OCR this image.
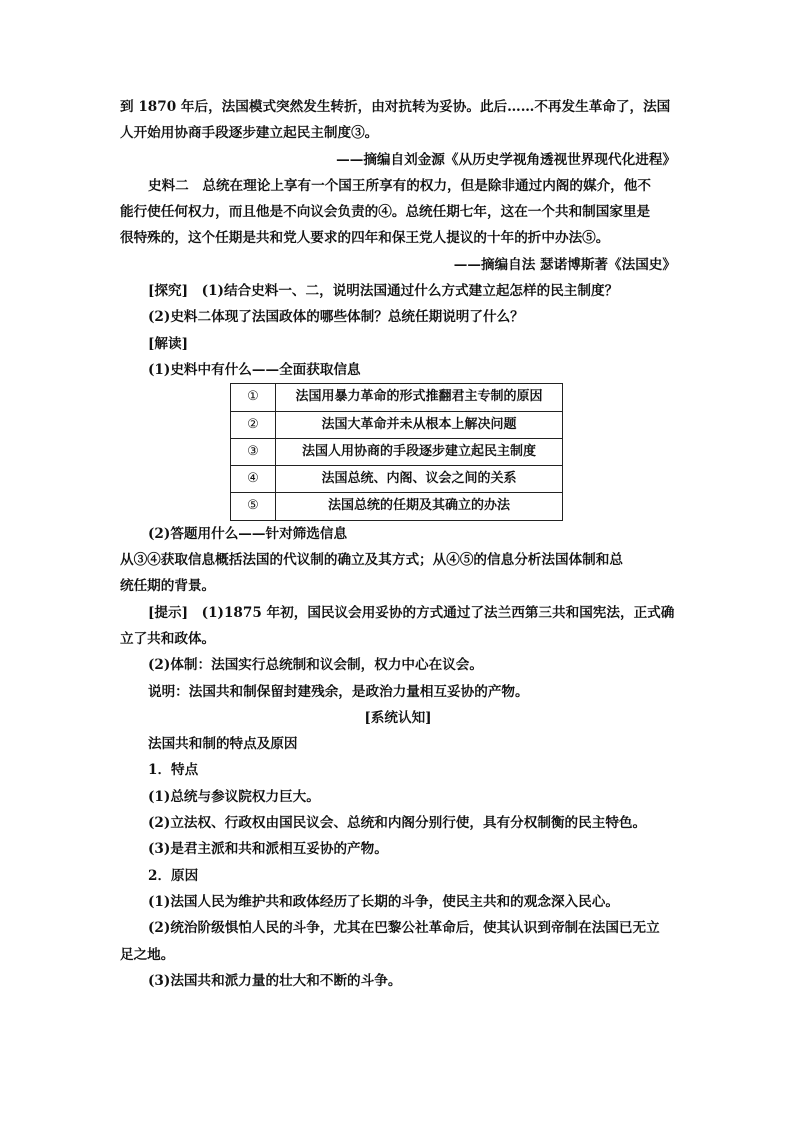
到 1870 年后，法国模式突然发生转折，由对抗转为妥协。此后……不再发生革命了，法国

人开始用协商手段逐步建立起民主制度③。

——摘编自刘金源《从历史学视角透视世界现代化进程》

史料二　总统在理论上享有一个国王所享有的权力，但是除非通过内阁的媒介，他不

能行使任何权力，而且他是不向议会负责的④。总统任期七年，这在一个共和制国家里是

很特殊的，这个任期是共和党人要求的四年和保王党人提议的十年的折中办法⑤。

——摘编自法 瑟诺博斯著《法国史》

[探究]　(1)结合史料一、二，说明法国通过什么方式建立起怎样的民主制度？

(2)史料二体现了法国政体的哪些体制？总统任期说明了什么？

[解读]

(1)史料中有什么——全面获取信息

①	法国用暴力革命的形式推翻君主专制的原因
②	法国大革命并未从根本上解决问题
③	法国人用协商的手段逐步建立起民主制度
④	法国总统、内阁、议会之间的关系
⑤	法国总统的任期及其确立的办法

(2)答题用什么——针对筛选信息

从③④获取信息概括法国的代议制的确立及其方式；从④⑤的信息分析法国体制和总

统任期的背景。

[提示]　(1)1875 年初，国民议会用妥协的方式通过了法兰西第三共和国宪法，正式确

立了共和政体。

(2)体制：法国实行总统制和议会制，权力中心在议会。

说明：法国共和制保留封建残余，是政治力量相互妥协的产物。

[系统认知]

法国共和制的特点及原因

1．特点

(1)总统与参议院权力巨大。

(2)立法权、行政权由国民议会、总统和内阁分别行使，具有分权制衡的民主特色。

(3)是君主派和共和派相互妥协的产物。

2．原因

(1)法国人民为维护共和政体经历了长期的斗争，使民主共和的观念深入民心。

(2)统治阶级惧怕人民的斗争，尤其在巴黎公社革命后，使其认识到帝制在法国已无立

足之地。

(3)法国共和派力量的壮大和不断的斗争。
